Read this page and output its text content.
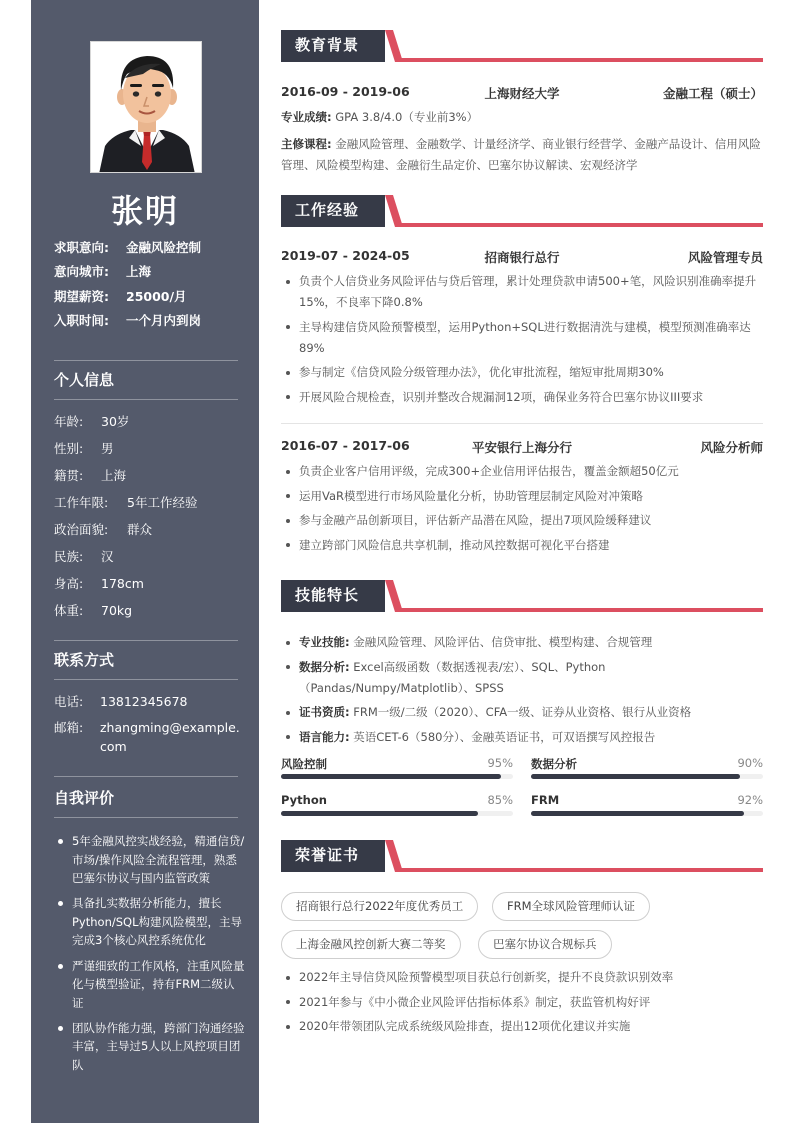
张明
求职意向: 金融风险控制
意向城市: 上海
期望薪资: 25000/月
入职时间: 一个月内到岗
个人信息
年龄: 30岁
性别: 男
籍贯: 上海
工作年限: 5年工作经验
政治面貌: 群众
民族: 汉
身高: 178cm
体重: 70kg
联系方式
电话:	13812345678
邮箱:	zhangming@example.com
自我评价
5年金融风控实战经验，精通信贷/市场/操作风险全流程管理，熟悉巴塞尔协议与国内监管政策
具备扎实数据分析能力，擅长Python/SQL构建风险模型，主导完成3个核心风控系统优化
严谨细致的工作风格，注重风险量化与模型验证，持有FRM二级认证
团队协作能力强，跨部门沟通经验丰富，主导过5人以上风控项目团队
教育背景
2016-09 - 2019-06	上海财经大学	金融工程（硕士）
专业成绩: GPA 3.8/4.0（专业前3%）
主修课程: 金融风险管理、金融数学、计量经济学、商业银行经营学、金融产品设计、信用风险管理、风险模型构建、金融衍生品定价、巴塞尔协议解读、宏观经济学
工作经验
2019-07 - 2024-05	招商银行总行	风险管理专员
负责个人信贷业务风险评估与贷后管理，累计处理贷款申请500+笔，风险识别准确率提升15%，不良率下降0.8%
主导构建信贷风险预警模型，运用Python+SQL进行数据清洗与建模，模型预测准确率达89%
参与制定《信贷风险分级管理办法》，优化审批流程，缩短审批周期30%
开展风险合规检查，识别并整改合规漏洞12项，确保业务符合巴塞尔协议III要求
2016-07 - 2017-06	平安银行上海分行	风险分析师
负责企业客户信用评级，完成300+企业信用评估报告，覆盖金额超50亿元
运用VaR模型进行市场风险量化分析，协助管理层制定风险对冲策略
参与金融产品创新项目，评估新产品潜在风险，提出7项风险缓释建议
建立跨部门风险信息共享机制，推动风控数据可视化平台搭建
技能特长
专业技能: 金融风险管理、风险评估、信贷审批、模型构建、合规管理
数据分析: Excel高级函数（数据透视表/宏）、SQL、Python（Pandas/Numpy/Matplotlib）、SPSS
证书资质: FRM一级/二级（2020）、CFA一级、证券从业资格、银行从业资格
语言能力: 英语CET-6（580分）、金融英语证书，可双语撰写风控报告
风险控制	95% 数据分析	90%
Python	85% FRM	92%
荣誉证书
招商银行总行2022年度优秀员工	FRM全球风险管理师认证
上海金融风控创新大赛二等奖	巴塞尔协议合规标兵
2022年主导信贷风险预警模型项目获总行创新奖，提升不良贷款识别效率
2021年参与《中小微企业风险评估指标体系》制定，获监管机构好评
2020年带领团队完成系统级风险排查，提出12项优化建议并实施
